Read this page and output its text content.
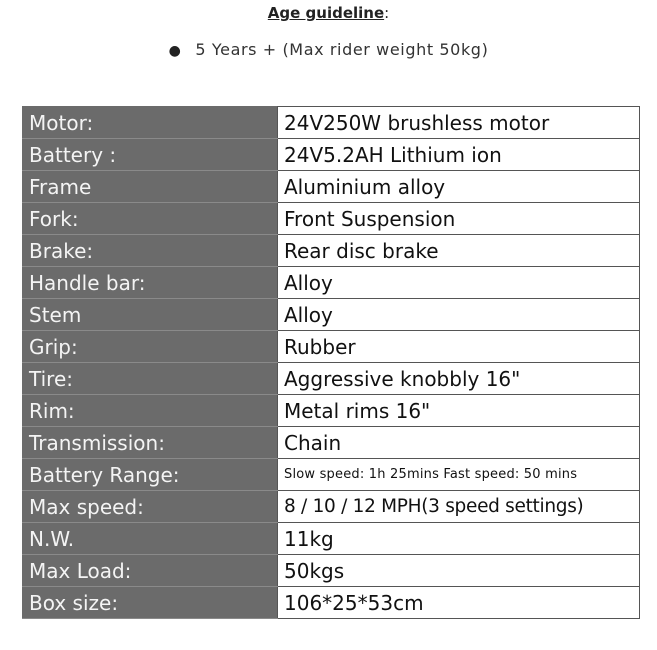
Age guideline:
● 5 Years + (Max rider weight 50kg)
Motor:	24V250W brushless motor
Battery :	24V5.2AH Lithium ion
Frame	Aluminium alloy
Fork:	Front Suspension
Brake:	Rear disc brake
Handle bar:	Alloy
Stem	Alloy
Grip:	Rubber
Tire:	Aggressive knobbly 16"
Rim:	Metal rims 16"
Transmission:	Chain
Battery Range:	Slow speed: 1h 25mins Fast speed: 50 mins
Max speed:	8 / 10 / 12 MPH(3 speed settings)
N.W.	11kg
Max Load:	50kgs
Box size:	106*25*53cm
